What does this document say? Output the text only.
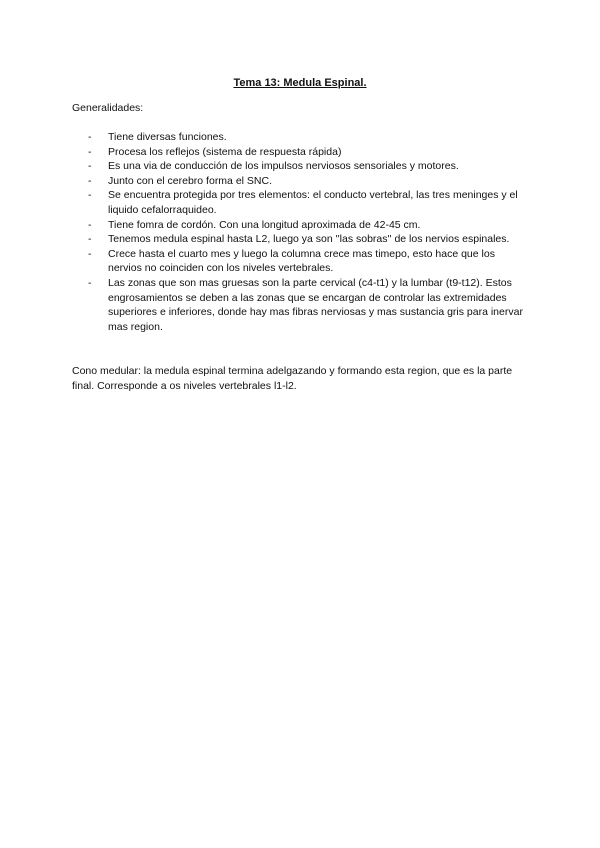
Tema 13: Medula Espinal.
Generalidades:
- Tiene diversas funciones.
- Procesa los reflejos (sistema de respuesta rápida)
- Es una via de conducción de los impulsos nerviosos sensoriales y motores.
- Junto con el cerebro forma el SNC.
- Se encuentra protegida por tres elementos: el conducto vertebral, las tres meninges y el liquido cefalorraquideo.
- Tiene fomra de cordón. Con una longitud aproximada de 42-45 cm.
- Tenemos medula espinal hasta L2, luego ya son ''las sobras'' de los nervios espinales.
- Crece hasta el cuarto mes y luego la columna crece mas timepo, esto hace que los nervios no coinciden con los niveles vertebrales.
- Las zonas que son mas gruesas son la parte cervical (c4-t1) y la lumbar (t9-t12). Estos engrosamientos se deben a las zonas que se encargan de controlar las extremidades superiores e inferiores, donde hay mas fibras nerviosas y mas sustancia gris para inervar mas region.

Cono medular: la medula espinal termina adelgazando y formando esta region, que es la parte final. Corresponde a os niveles vertebrales l1-l2.
